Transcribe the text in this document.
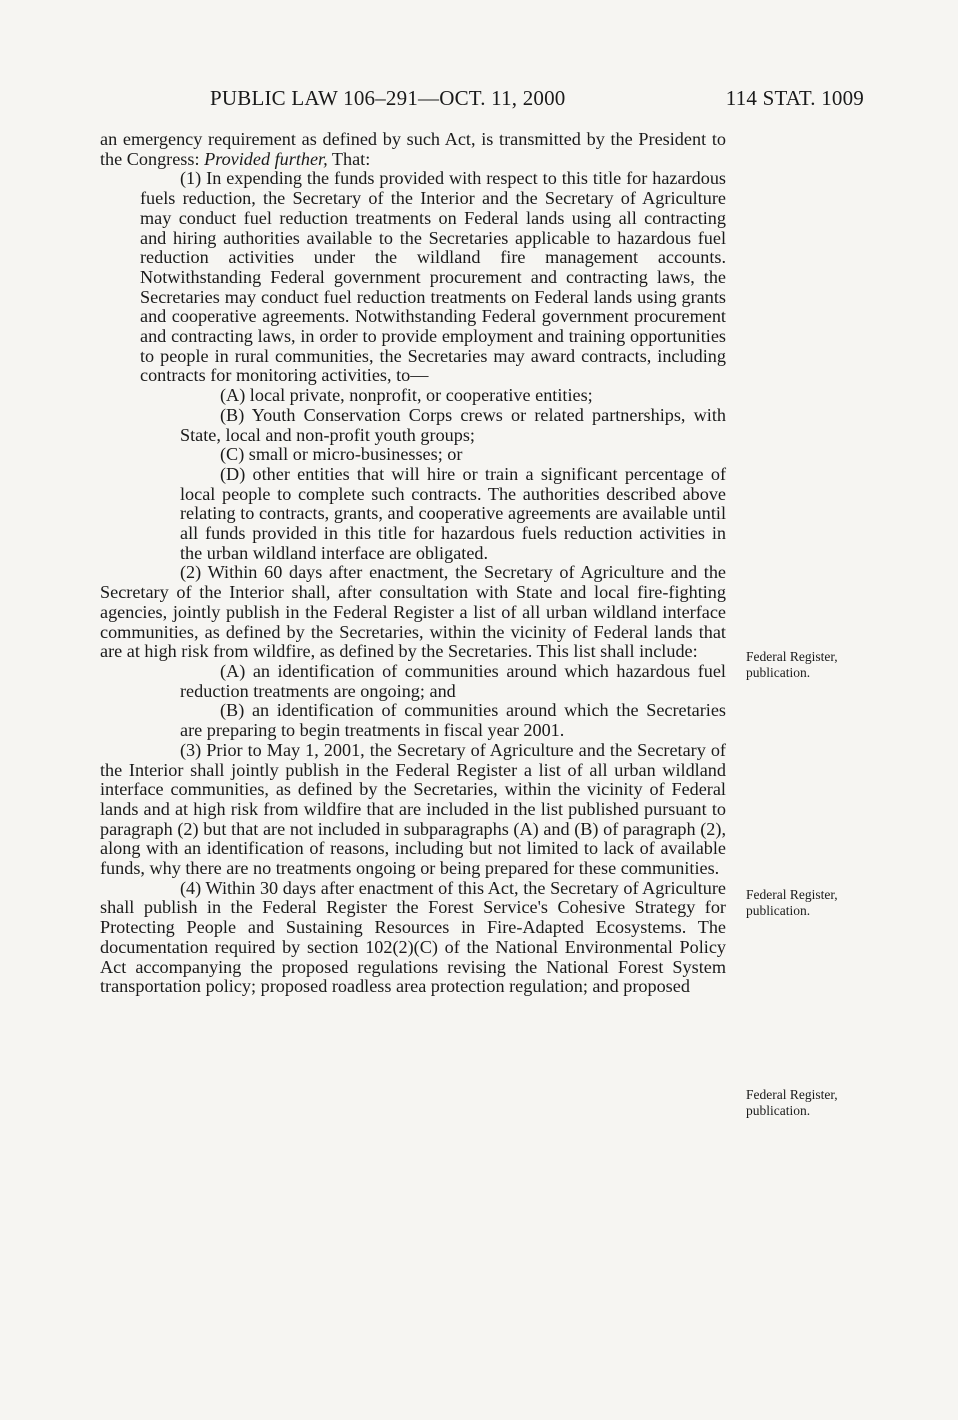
PUBLIC LAW 106–291—OCT. 11, 2000	114 STAT. 1009

an emergency requirement as defined by such Act, is transmitted by the President to the Congress: Provided further, That:

(1) In expending the funds provided with respect to this title for hazardous fuels reduction, the Secretary of the Interior and the Secretary of Agriculture may conduct fuel reduction treatments on Federal lands using all contracting and hiring authorities available to the Secretaries applicable to hazardous fuel reduction activities under the wildland fire management accounts. Notwithstanding Federal government procurement and contracting laws, the Secretaries may conduct fuel reduction treatments on Federal lands using grants and cooperative agreements. Notwithstanding Federal government procurement and contracting laws, in order to provide employment and training opportunities to people in rural communities, the Secretaries may award contracts, including contracts for monitoring activities, to—

(A) local private, nonprofit, or cooperative entities;

(B) Youth Conservation Corps crews or related partnerships, with State, local and non-profit youth groups;

(C) small or micro-businesses; or

(D) other entities that will hire or train a significant percentage of local people to complete such contracts. The authorities described above relating to contracts, grants, and cooperative agreements are available until all funds provided in this title for hazardous fuels reduction activities in the urban wildland interface are obligated.

(2) Within 60 days after enactment, the Secretary of Agriculture and the Secretary of the Interior shall, after consultation with State and local fire-fighting agencies, jointly publish in the Federal Register a list of all urban wildland interface communities, as defined by the Secretaries, within the vicinity of Federal lands that are at high risk from wildfire, as defined by the Secretaries. This list shall include:

(A) an identification of communities around which hazardous fuel reduction treatments are ongoing; and

(B) an identification of communities around which the Secretaries are preparing to begin treatments in fiscal year 2001.

(3) Prior to May 1, 2001, the Secretary of Agriculture and the Secretary of the Interior shall jointly publish in the Federal Register a list of all urban wildland interface communities, as defined by the Secretaries, within the vicinity of Federal lands and at high risk from wildfire that are included in the list published pursuant to paragraph (2) but that are not included in subparagraphs (A) and (B) of paragraph (2), along with an identification of reasons, including but not limited to lack of available funds, why there are no treatments ongoing or being prepared for these communities.

(4) Within 30 days after enactment of this Act, the Secretary of Agriculture shall publish in the Federal Register the Forest Service's Cohesive Strategy for Protecting People and Sustaining Resources in Fire-Adapted Ecosystems. The documentation required by section 102(2)(C) of the National Environmental Policy Act accompanying the proposed regulations revising the National Forest System transportation policy; proposed roadless area protection regulation; and proposed

Federal Register,
publication.
Federal Register,
publication.
Federal Register,
publication.
